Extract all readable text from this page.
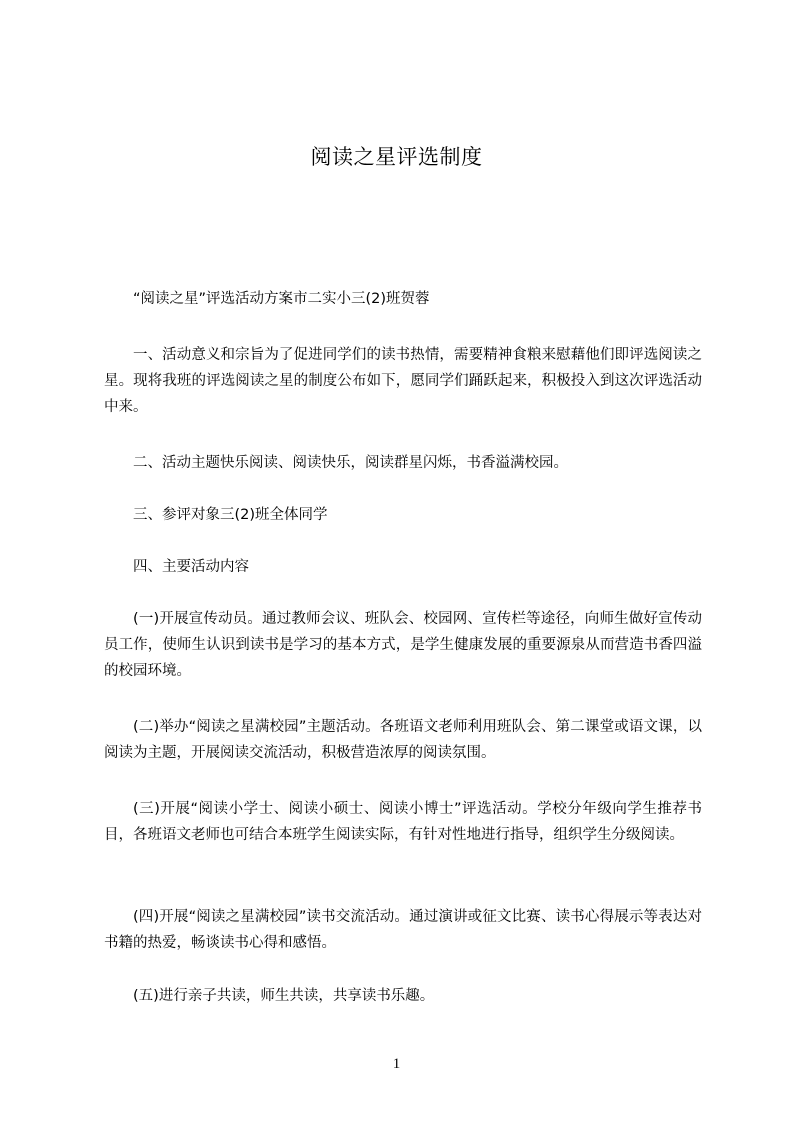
阅读之星评选制度

“阅读之星”评选活动方案市二实小三(2)班贺蓉

一、活动意义和宗旨为了促进同学们的读书热情，需要精神食粮来慰藉他们即评选阅读之星。现将我班的评选阅读之星的制度公布如下，愿同学们踊跃起来，积极投入到这次评选活动中来。

二、活动主题快乐阅读、阅读快乐，阅读群星闪烁，书香溢满校园。

三、参评对象三(2)班全体同学

四、主要活动内容

(一)开展宣传动员。通过教师会议、班队会、校园网、宣传栏等途径，向师生做好宣传动员工作，使师生认识到读书是学习的基本方式，是学生健康发展的重要源泉从而营造书香四溢的校园环境。

(二)举办“阅读之星满校园”主题活动。各班语文老师利用班队会、第二课堂或语文课，以阅读为主题，开展阅读交流活动，积极营造浓厚的阅读氛围。

(三)开展“阅读小学士、阅读小硕士、阅读小博士”评选活动。学校分年级向学生推荐书目，各班语文老师也可结合本班学生阅读实际，有针对性地进行指导，组织学生分级阅读。

(四)开展“阅读之星满校园”读书交流活动。通过演讲或征文比赛、读书心得展示等表达对书籍的热爱，畅谈读书心得和感悟。

(五)进行亲子共读，师生共读，共享读书乐趣。

1
